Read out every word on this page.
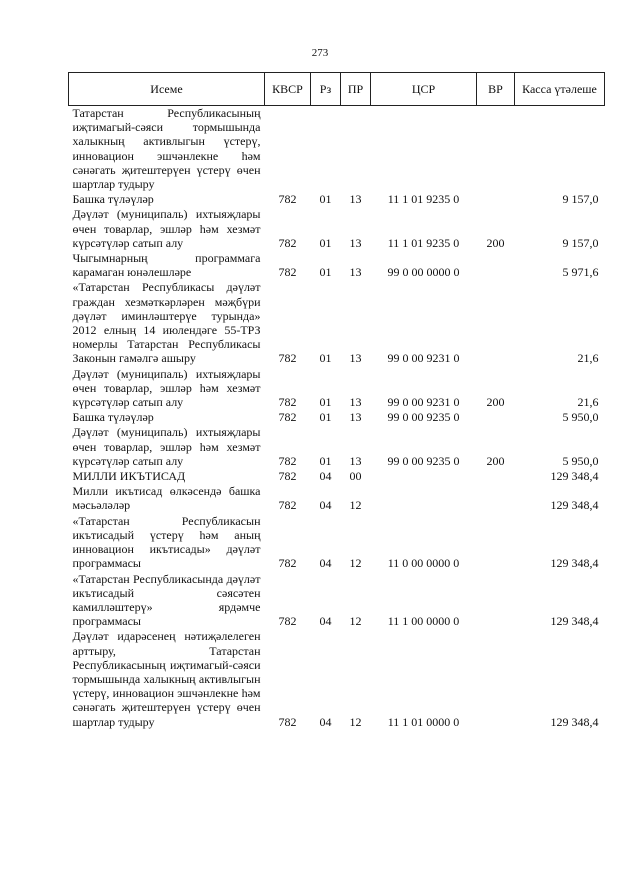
273
Исеме	КВСР	Рз	ПР	ЦСР	ВР	Касса үтәлеше
Татарстан Республикасының иҗтимагый-сәяси тормышында халыкның активлыгын үстерү, инновацион эшчәнлекнe һәм сәнәгать җитештерүен үстерү өчен шартлар тудыру						
Башка түләүләр	782	01	13	11 1 01 9235 0		9 157,0
Дәүләт (муниципаль) ихтыяҗлары өчен товарлар, эшләр һәм хезмәт күрсәтүләр сатып алу	782	01	13	11 1 01 9235 0	200	9 157,0
Чыгымнарның программага карамаган юнәлешләре	782	01	13	99 0 00 0000 0		5 971,6
«Татарстан Республикасы дәүләт граждан хезмәткәрләрен мәҗбүри дәүләт иминләштерүе турында» 2012 елның 14 июлендәге 55-ТРЗ номерлы Татарстан Республикасы Законын гамәлгә ашыру	782	01	13	99 0 00 9231 0		21,6
Дәүләт (муниципаль) ихтыяҗлары өчен товарлар, эшләр һәм хезмәт күрсәтүләр сатып алу	782	01	13	99 0 00 9231 0	200	21,6
Башка түләүләр	782	01	13	99 0 00 9235 0		5 950,0
Дәүләт (муниципаль) ихтыяҗлары өчен товарлар, эшләр һәм хезмәт күрсәтүләр сатып алу	782	01	13	99 0 00 9235 0	200	5 950,0
МИЛЛИ ИКЪТИСАД	782	04	00			129 348,4
Милли икътисад өлкәсендә башка мәсьәләләр	782	04	12			129 348,4
«Татарстан Республикасын икътисадый үстерү һәм аның инновацион икътисады» дәүләт программасы	782	04	12	11 0 00 0000 0		129 348,4
«Татарстан Республикасында дәүләт икътисадый сәясәтен камилләштерү» ярдәмче программасы	782	04	12	11 1 00 0000 0		129 348,4
Дәүләт идарәсенең нәтиҗәлелеген арттыру, Татарстан Республикасының иҗтимагый-сәяси тормышында халыкның активлыгын үстерү, инновацион эшчәнлекнe һәм сәнәгать җитештерүен үстерү өчен шартлар тудыру	782	04	12	11 1 01 0000 0		129 348,4
